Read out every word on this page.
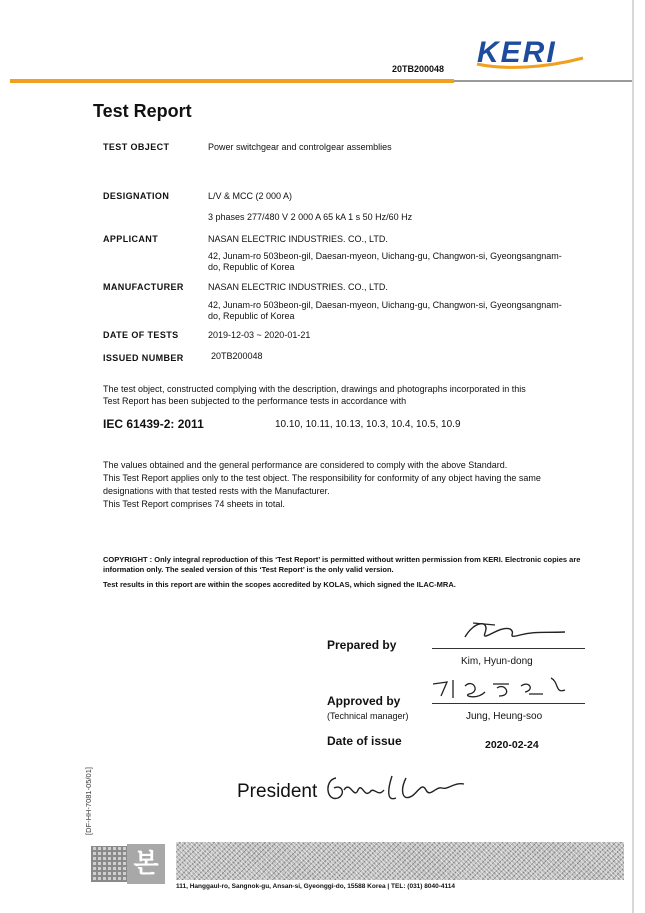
20TB200048 KERI
Test Report
TEST OBJECT	Power switchgear and controlgear assemblies
DESIGNATION	L/V & MCC (2 000 A)
3 phases 277/480 V 2 000 A 65 kA 1 s 50 Hz/60 Hz
APPLICANT	NASAN ELECTRIC INDUSTRIES. CO., LTD.
42, Junam-ro 503beon-gil, Daesan-myeon, Uichang-gu, Changwon-si, Gyeongsangnam-
do, Republic of Korea
MANUFACTURER	NASAN ELECTRIC INDUSTRIES. CO., LTD.
42, Junam-ro 503beon-gil, Daesan-myeon, Uichang-gu, Changwon-si, Gyeongsangnam-
do, Republic of Korea
DATE OF TESTS	2019-12-03 ~ 2020-01-21
ISSUED NUMBER	20TB200048
The test object, constructed complying with the description, drawings and photographs incorporated in this
Test Report has been subjected to the performance tests in accordance with
IEC 61439-2: 2011	10.10, 10.11, 10.13, 10.3, 10.4, 10.5, 10.9
The values obtained and the general performance are considered to comply with the above Standard.
This Test Report applies only to the test object. The responsibility for conformity of any object having the same
designations with that tested rests with the Manufacturer.
This Test Report comprises 74 sheets in total.
COPYRIGHT : Only integral reproduction of this ‘Test Report’ is permitted without written permission from KERI. Electronic copies are
information only. The sealed version of this ‘Test Report’ is the only valid version.
Test results in this report are within the scopes accredited by KOLAS, which signed the ILAC-MRA.
Prepared by
Kim, Hyun-dong
Approved by
(Technical manager)	Jung, Heung-soo
Date of issue	2020-02-24
President
[DF-HH-7081-05/01]
본
111, Hanggaul-ro, Sangnok-gu, Ansan-si, Gyeonggi-do, 15588 Korea | TEL: (031) 8040-4114
